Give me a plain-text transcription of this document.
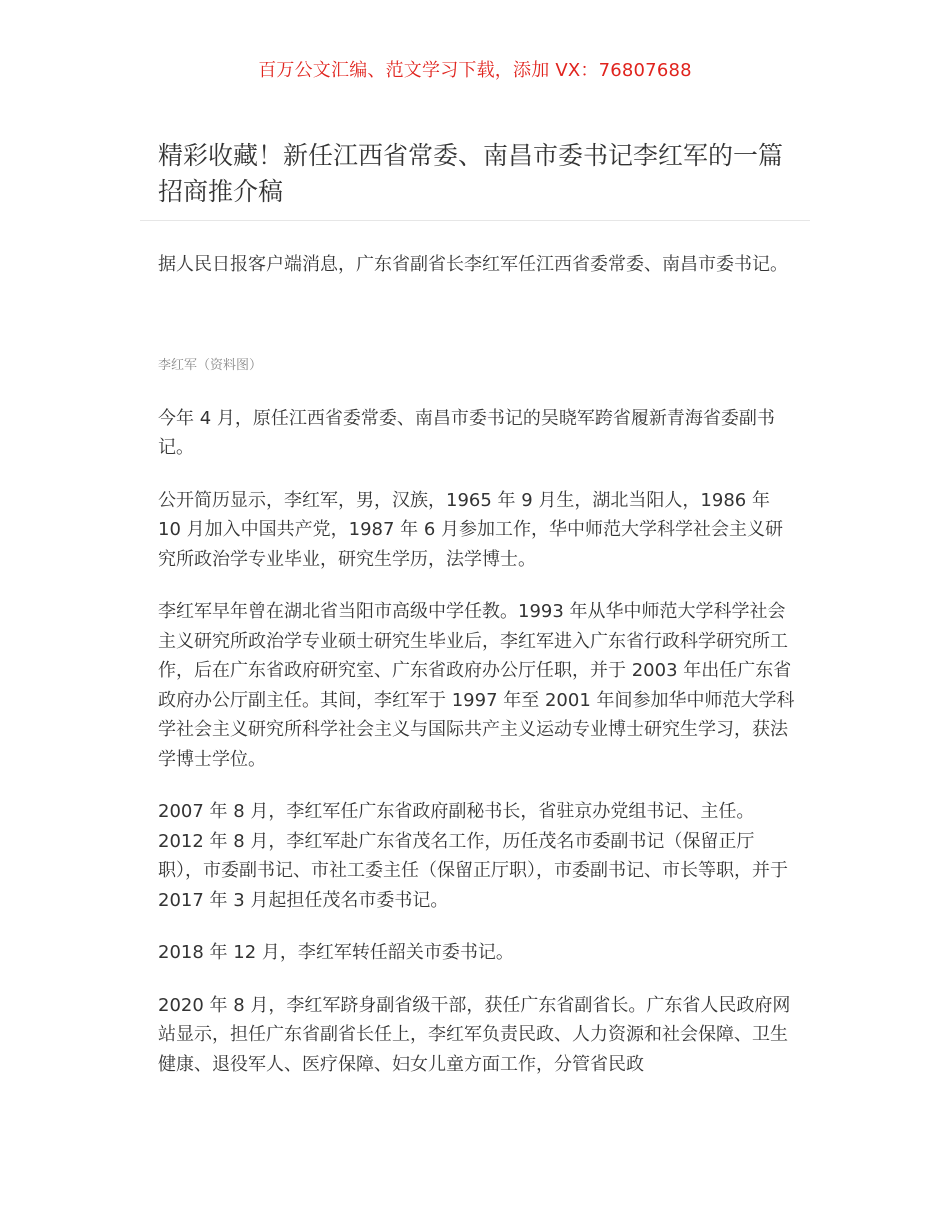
百万公文汇编、范文学习下载，添加 VX：76807688
精彩收藏！新任江西省常委、南昌市委书记李红军的一篇招商推介稿

据人民日报客户端消息，广东省副省长李红军任江西省委常委、南昌市委书记。

李红军（资料图）

今年 4 月，原任江西省委常委、南昌市委书记的吴晓军跨省履新青海省委副书记。

公开简历显示，李红军，男，汉族，1965 年 9 月生，湖北当阳人，1986 年 10 月加入中国共产党，1987 年 6 月参加工作，华中师范大学科学社会主义研究所政治学专业毕业，研究生学历，法学博士。

李红军早年曾在湖北省当阳市高级中学任教。1993 年从华中师范大学科学社会主义研究所政治学专业硕士研究生毕业后，李红军进入广东省行政科学研究所工作，后在广东省政府研究室、广东省政府办公厅任职，并于 2003 年出任广东省政府办公厅副主任。其间，李红军于 1997 年至 2001 年间参加华中师范大学科学社会主义研究所科学社会主义与国际共产主义运动专业博士研究生学习，获法学博士学位。

2007 年 8 月，李红军任广东省政府副秘书长，省驻京办党组书记、主任。2012 年 8 月，李红军赴广东省茂名工作，历任茂名市委副书记（保留正厅职），市委副书记、市社工委主任（保留正厅职），市委副书记、市长等职，并于 2017 年 3 月起担任茂名市委书记。

2018 年 12 月，李红军转任韶关市委书记。

2020 年 8 月，李红军跻身副省级干部，获任广东省副省长。广东省人民政府网站显示，担任广东省副省长任上，李红军负责民政、人力资源和社会保障、卫生健康、退役军人、医疗保障、妇女儿童方面工作，分管省民政
